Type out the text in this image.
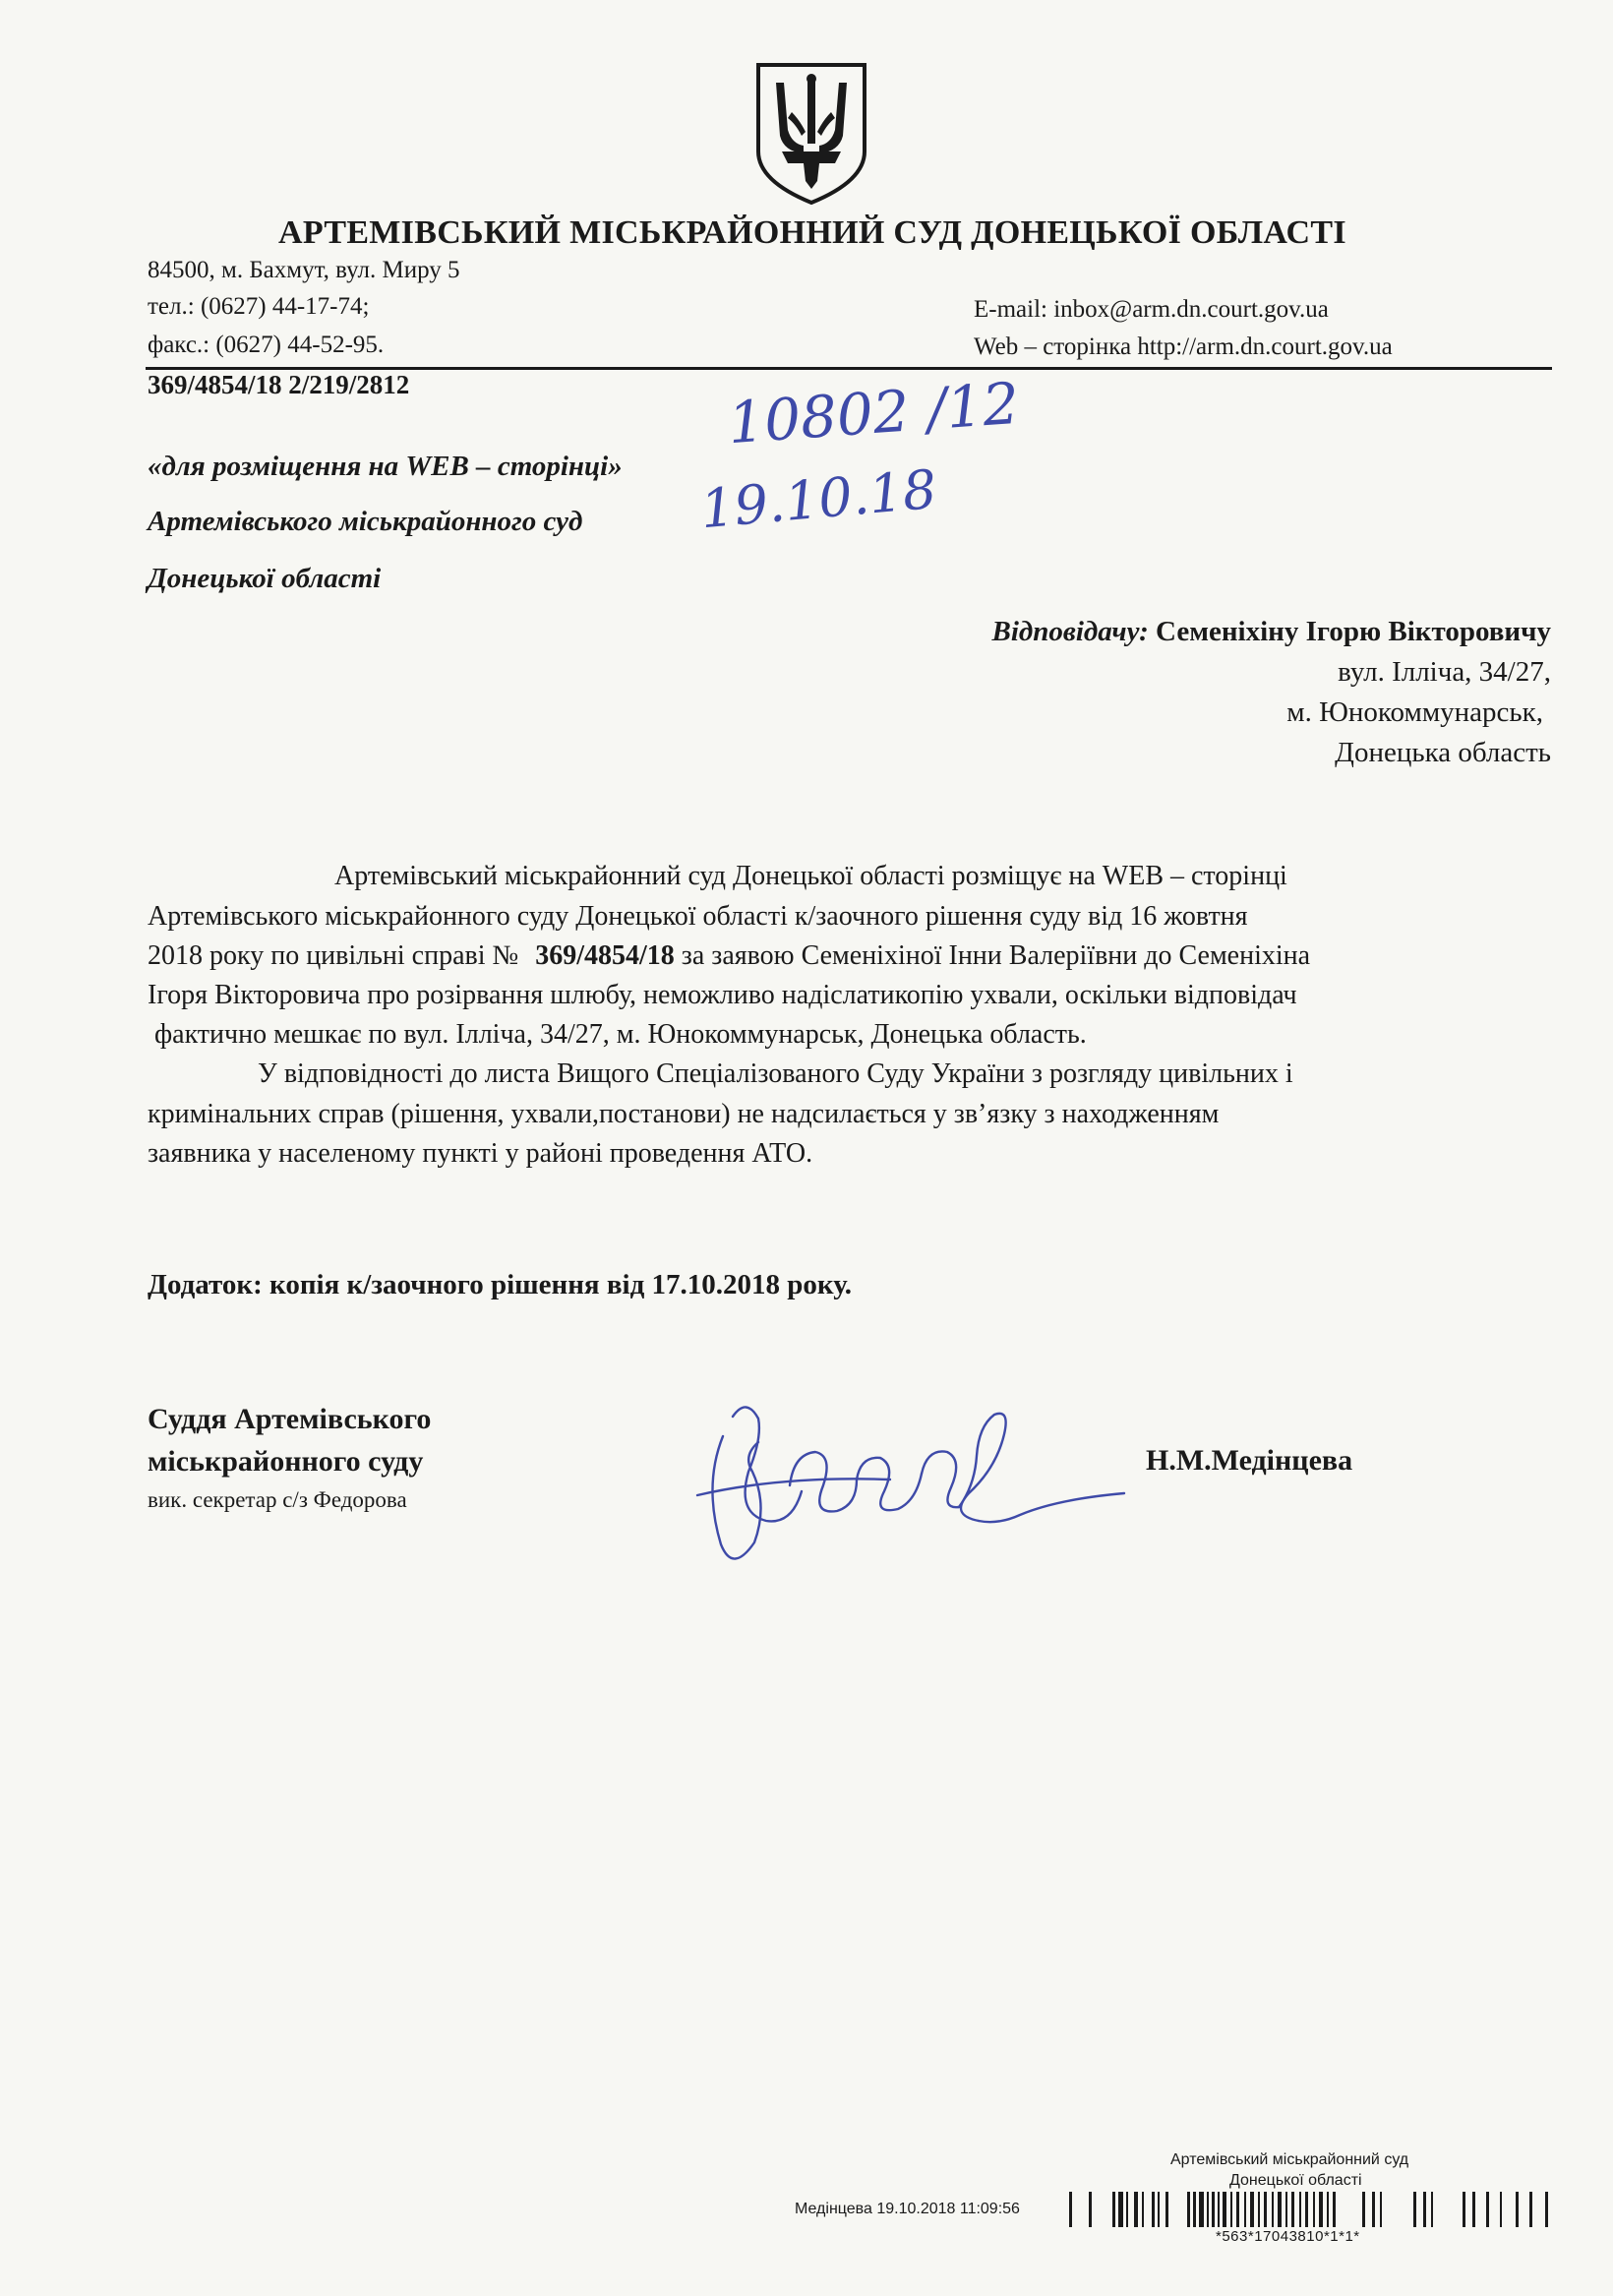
АРТЕМІВСЬКИЙ МІСЬКРАЙОННИЙ СУД ДОНЕЦЬКОЇ ОБЛАСТІ
84500, м. Бахмут, вул. Миру 5
тел.: (0627) 44-17-74;
факс.: (0627) 44-52-95.
E-mail: inbox@arm.dn.court.gov.ua
Web – сторінка http://arm.dn.court.gov.ua
369/4854/18 2/219/2812	10802 /12
19.10.18
«для розміщення на WEB – сторінці»
Артемівського міськрайонного суд
Донецької області
Відповідачу: Семеніхіну Ігорю Вікторовичу
вул. Ілліча, 34/27,
м. Юнокоммунарськ,
Донецька область
Артемівський міськрайонний суд Донецької області розміщує на WEB – сторінці
Артемівського міськрайонного суду Донецької області к/заочного рішення суду від 16 жовтня
2018 року по цивільні справі № 369/4854/18 за заявою Семеніхіної Інни Валеріївни до Семеніхіна
Ігоря Вікторовича про розірвання шлюбу, неможливо надіслатикопію ухвали, оскільки відповідач
фактично мешкає по вул. Ілліча, 34/27, м. Юнокоммунарськ, Донецька область.
У відповідності до листа Вищого Спеціалізованого Суду України з розгляду цивільних і
кримінальних справ (рішення, ухвали,постанови) не надсилається у зв’язку з находженням
заявника у населеному пункті у районі проведення АТО.
Додаток: копія к/заочного рішення від 17.10.2018 року.
Суддя Артемівського
міськрайонного суду
вик. секретар с/з Федорова
Н.М.Медінцева
Артемівський міськрайонний суд
Донецької області
Медінцева 19.10.2018 11:09:56
*563*17043810*1*1*
